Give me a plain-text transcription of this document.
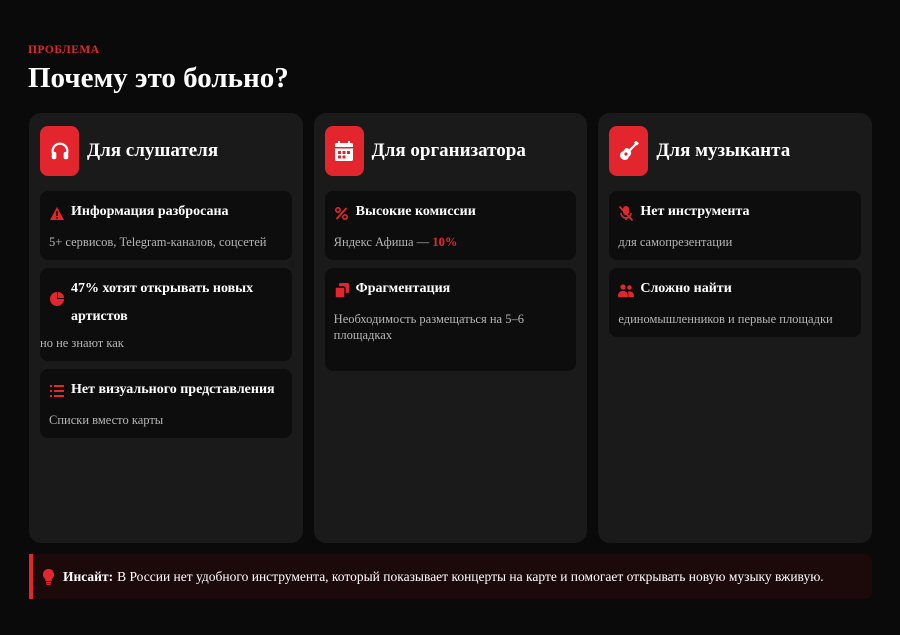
ПРОБЛЕМА
Почему это больно?
Для слушателя
Информация разбросана
5+ сервисов, Telegram-каналов, соцсетей
47% хотят открывать новых артистов
но не знают как
Нет визуального представления
Списки вместо карты
Для организатора
Высокие комиссии
Яндекс Афиша — 10%
Фрагментация
Необходимость размещаться на 5–6 площадках
Для музыканта
Нет инструмента
для самопрезентации
Сложно найти
единомышленников и первые площадки
Инсайт: В России нет удобного инструмента, который показывает концерты на карте и помогает открывать новую музыку вживую.
